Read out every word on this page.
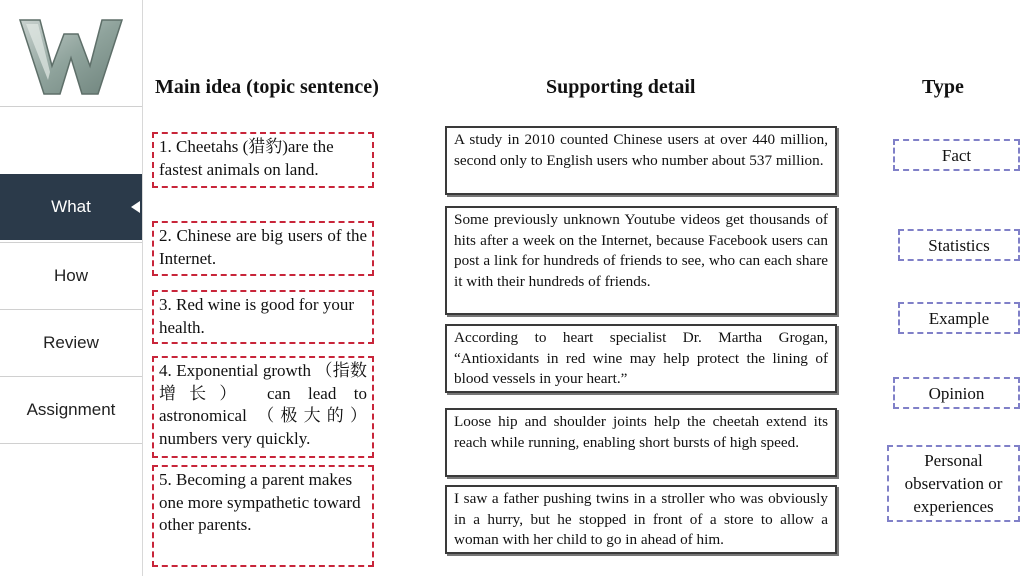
W
What
How
Review
Assignment
Main idea (topic sentence)	Supporting detail	Type
1. Cheetahs (猎豹)are the fastest animals on land.
2. Chinese are big users of the Internet.
3. Red wine is good for your health.
4. Exponential growth （指数增长） can lead to astronomical （极大的） numbers very quickly.
5. Becoming a parent makes one more sympathetic toward other parents.
A study in 2010 counted Chinese users at over 440 million, second only to English users who number about 537 million.
Some previously unknown Youtube videos get thousands of hits after a week on the Internet, because Facebook users can post a link for hundreds of friends to see, who can each share it with their hundreds of friends.
According to heart specialist Dr. Martha Grogan, “Antioxidants in red wine may help protect the lining of blood vessels in your heart.”
Loose hip and shoulder joints help the cheetah extend its reach while running, enabling short bursts of high speed.
I saw a father pushing twins in a stroller who was obviously in a hurry, but he stopped in front of a store to allow a woman with her child to go in ahead of him.
Fact
Statistics
Example
Opinion
Personal observation or experiences
